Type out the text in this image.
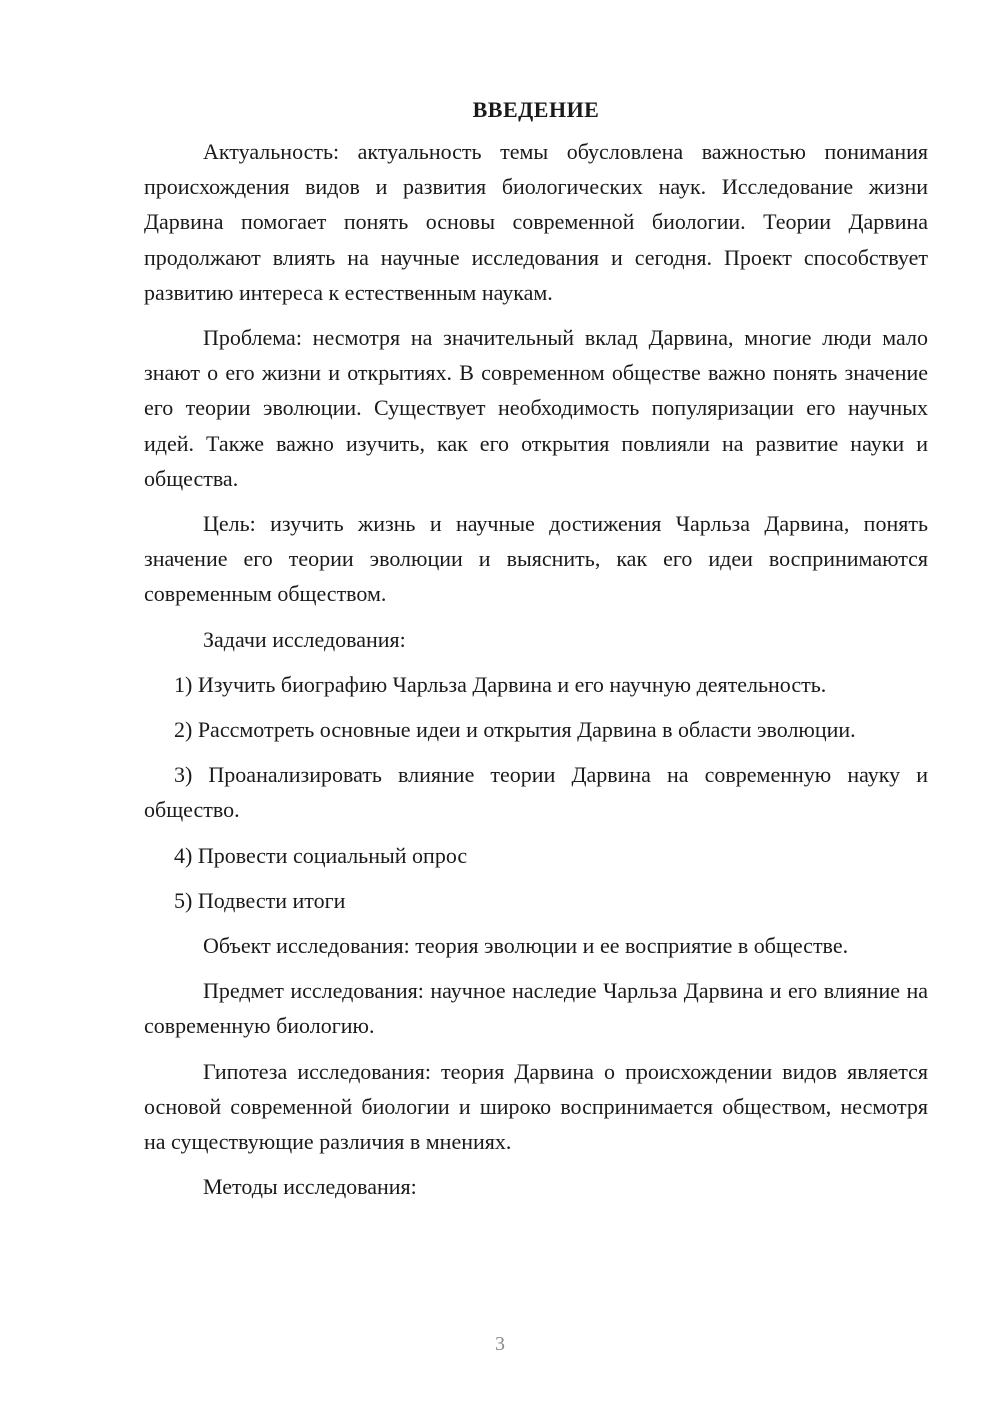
ВВЕДЕНИЕ

Актуальность: актуальность темы обусловлена важностью понимания происхождения видов и развития биологических наук. Исследование жизни Дарвина помогает понять основы современной биологии. Теории Дарвина продолжают влиять на научные исследования и сегодня. Проект способствует развитию интереса к естественным наукам.

Проблема: несмотря на значительный вклад Дарвина, многие люди мало знают о его жизни и открытиях. В современном обществе важно понять значение его теории эволюции. Существует необходимость популяризации его научных идей. Также важно изучить, как его открытия повлияли на развитие науки и общества.

Цель: изучить жизнь и научные достижения Чарльза Дарвина, понять значение его теории эволюции и выяснить, как его идеи воспринимаются современным обществом.

Задачи исследования:

1) Изучить биографию Чарльза Дарвина и его научную деятельность.

2) Рассмотреть основные идеи и открытия Дарвина в области эволюции.

3) Проанализировать влияние теории Дарвина на современную науку и общество.

4) Провести социальный опрос

5) Подвести итоги

Объект исследования: теория эволюции и ее восприятие в обществе.

Предмет исследования: научное наследие Чарльза Дарвина и его влияние на современную биологию.

Гипотеза исследования: теория Дарвина о происхождении видов является основой современной биологии и широко воспринимается обществом, несмотря на существующие различия в мнениях.

Методы исследования:

3
